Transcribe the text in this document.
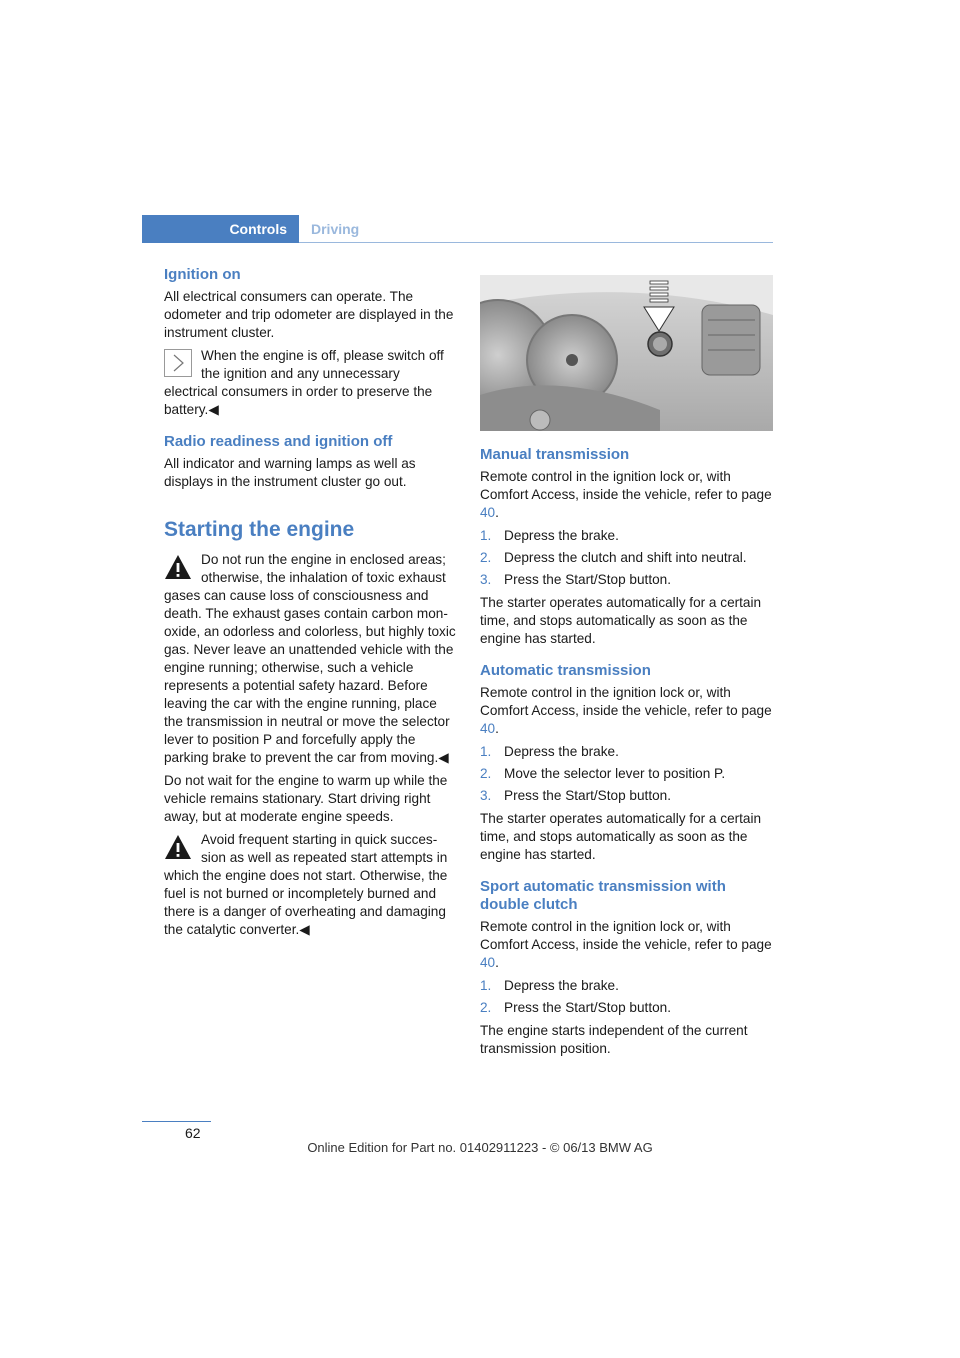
Controls Driving
Ignition on

All electrical consumers can operate. The odometer and trip odometer are displayed in the instrument cluster.

When the engine is off, please switch off the ignition and any unnecessary
electrical consumers in order to preserve the battery.◀
Radio readiness and ignition off

All indicator and warning lamps as well as displays in the instrument cluster go out.

Starting the engine
Do not run the engine in enclosed areas; otherwise, the inhalation of toxic exhaust
gases can cause loss of consciousness and death. The exhaust gases contain carbon mon-oxide, an odorless and colorless, but highly toxic gas. Never leave an unattended vehicle with the engine running; otherwise, such a vehicle represents a potential safety hazard. Before leaving the car with the engine running, place the transmission in neutral or move the selector lever to position P and forcefully apply the parking brake to prevent the car from moving.◀

Do not wait for the engine to warm up while the vehicle remains stationary. Start driving right away, but at moderate engine speeds.

Avoid frequent starting in quick succes-sion as well as repeated start attempts in
which the engine does not start. Otherwise, the fuel is not burned or incompletely burned and there is a danger of overheating and damaging the catalytic converter.◀
Manual transmission

Remote control in the ignition lock or, with Comfort Access, inside the vehicle, refer to page 40.

1. Depress the brake.
2. Depress the clutch and shift into neutral.
3. Press the Start/Stop button.

The starter operates automatically for a certain time, and stops automatically as soon as the engine has started.

Automatic transmission

Remote control in the ignition lock or, with Comfort Access, inside the vehicle, refer to page 40.

1. Depress the brake.
2. Move the selector lever to position P.
3. Press the Start/Stop button.

The starter operates automatically for a certain time, and stops automatically as soon as the engine has started.

Sport automatic transmission with double clutch

Remote control in the ignition lock or, with Comfort Access, inside the vehicle, refer to page 40.

1. Depress the brake.
2. Press the Start/Stop button.

The engine starts independent of the current transmission position.

62
Online Edition for Part no. 01402911223 - © 06/13 BMW AG
